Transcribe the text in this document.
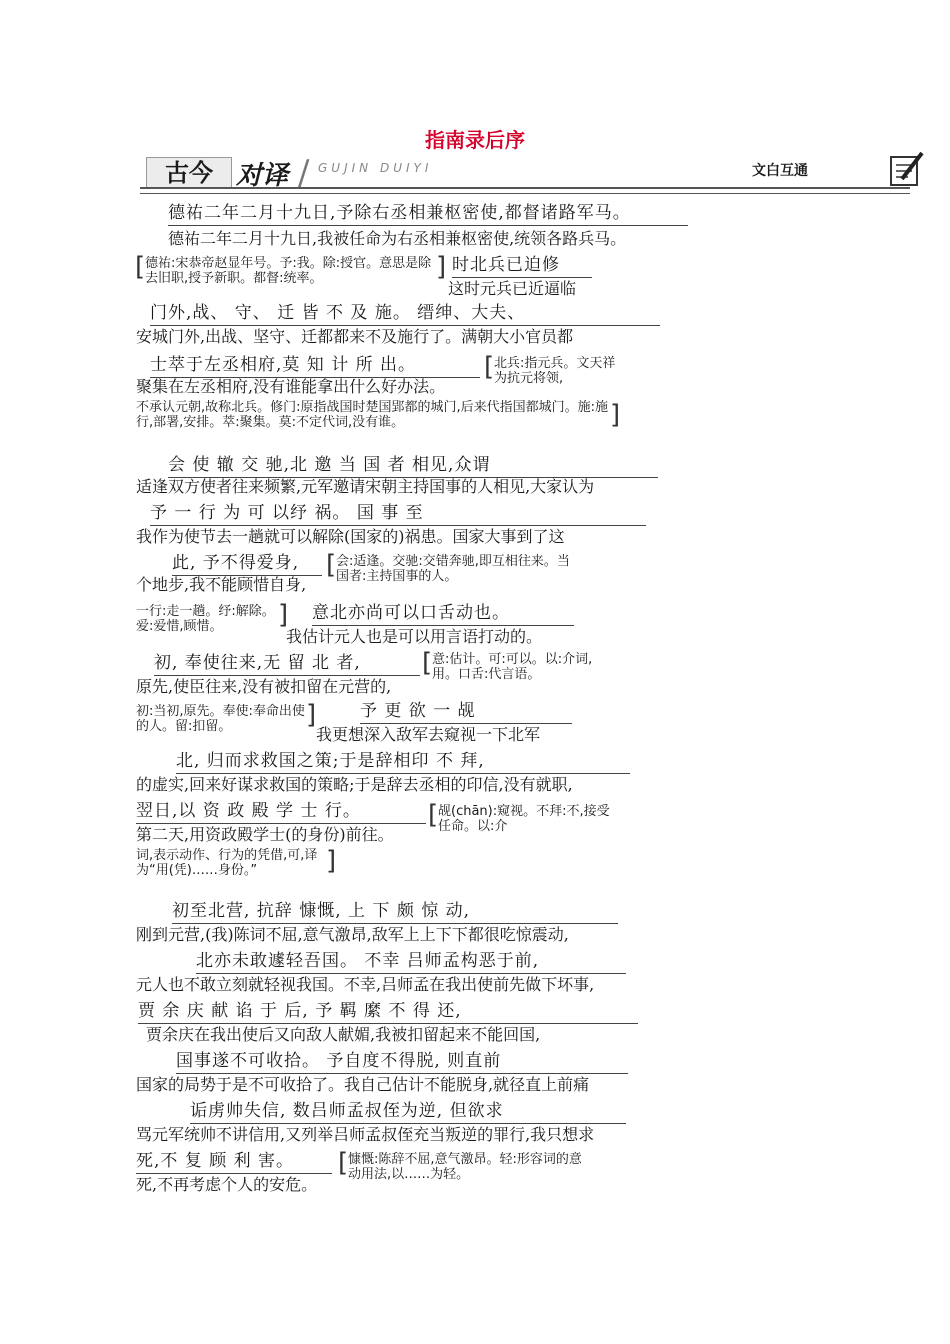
指南录后序
古今 对译 / GUJIN DUIYI	文白互通
德祐二年二月十九日,予除右丞相兼枢密使,都督诸路军马。
德祐二年二月十九日,我被任命为右丞相兼枢密使,统领各路兵马。
[ 德祐:宋恭帝赵显年号。予:我。除:授官。意思是除去旧职,授予新职。都督:统率。	] 时北兵已迫修
这时元兵已近逼临
门外,战、 守、 迁 皆 不 及 施。 缙绅、大夫、
安城门外,出战、坚守、迁都都来不及施行了。满朝大小官员都
士萃于左丞相府,莫 知 计 所 出。
聚集在左丞相府,没有谁能拿出什么好办法。
[ 北兵:指元兵。文天祥为抗元将领,
不承认元朝,故称北兵。修门:原指战国时楚国郢都的城门,后来代指国都城门。施:施行,部署,安排。萃:聚集。莫:不定代词,没有谁。	]
会 使 辙 交 驰,北 邀 当 国 者 相见,众谓
适逢双方使者往来频繁,元军邀请宋朝主持国事的人相见,大家认为
予 一 行 为 可 以纾 祸。 国 事 至
我作为使节去一趟就可以解除(国家的)祸患。国家大事到了这
此, 予不得爱身,
个地步,我不能顾惜自身,
[ 会:适逢。交驰:交错奔驰,即互相往来。当国者:主持国事的人。
一行:走一趟。纾:解除。爱:爱惜,顾惜。	] 意北亦尚可以口舌动也。
我估计元人也是可以用言语打动的。
初, 奉使往来,无 留 北 者,
原先,使臣往来,没有被扣留在元营的,
[ 意:估计。可:可以。以:介词,用。口舌:代言语。
初:当初,原先。奉使:奉命出使的人。留:扣留。	]	予 更 欲 一 觇
我更想深入敌军去窥视一下北军
北, 归而求救国之策;于是辞相印 不 拜,
的虚实,回来好谋求救国的策略;于是辞去丞相的印信,没有就职,
翌日,以 资 政 殿 学 士 行。
第二天,用资政殿学士(的身份)前往。
[ 觇(chān):窥视。不拜:不,接受任命。以:介
词,表示动作、行为的凭借,可,译为“用(凭)……身份。”	]
初至北营, 抗辞 慷慨, 上 下 颇 惊 动,
刚到元营,(我)陈词不屈,意气激昂,敌军上上下下都很吃惊震动,
北亦未敢遽轻吾国。 不幸 吕师孟构恶于前,
元人也不敢立刻就轻视我国。不幸,吕师孟在我出使前先做下坏事,
贾 余 庆 献 谄 于 后, 予 羁 縻 不 得 还,
贾余庆在我出使后又向敌人献媚,我被扣留起来不能回国,
国事遂不可收拾。 予自度不得脱, 则直前
国家的局势于是不可收拾了。我自己估计不能脱身,就径直上前痛
诟虏帅失信, 数吕师孟叔侄为逆, 但欲求
骂元军统帅不讲信用,又列举吕师孟叔侄充当叛逆的罪行,我只想求
死,不 复 顾 利 害。
死,不再考虑个人的安危。
[ 慷慨:陈辞不屈,意气激昂。轻:形容词的意动用法,以……为轻。
